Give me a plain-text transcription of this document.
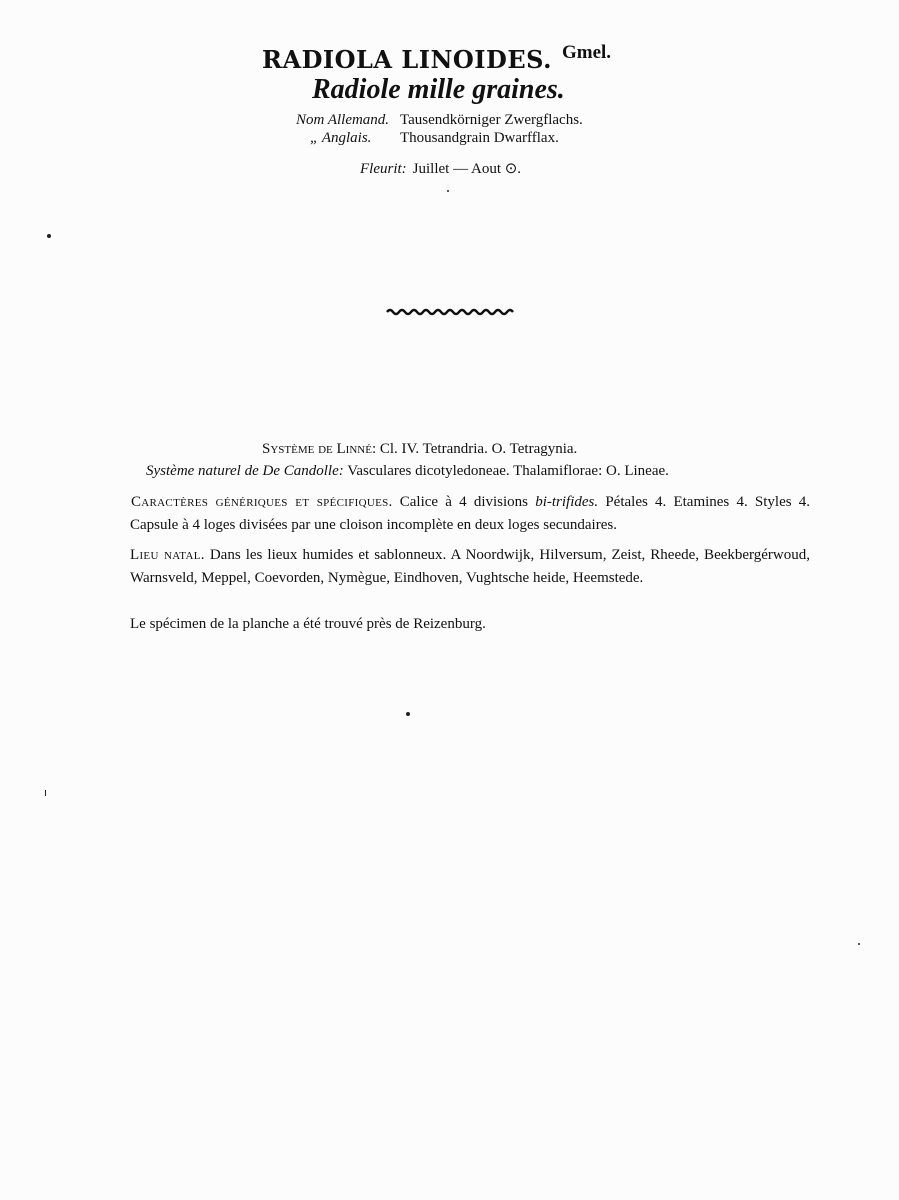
RADIOLA LINOIDES. Gmel.
Radiole mille graines.
Nom Allemand. Tausendkörniger Zwergflachs.
„ Anglais. Thousandgrain Dwarfflax.
Fleurit: Juillet — Aout ⊙.
Système de Linné: Cl. IV. Tetrandria. O. Tetragynia.
Système naturel de De Candolle: Vasculares dicotyledoneae. Thalamiflorae: O. Lineae.
Caractères génériques et spécifiques. Calice à 4 divisions bi-trifides. Pétales 4. Etamines 4. Styles 4. Capsule à 4 loges divisées par une cloison incomplète en deux loges secundaires.
Lieu natal. Dans les lieux humides et sablonneux. A Noordwijk, Hilversum, Zeist, Rheede, Beekbergérwoud, Warnsveld, Meppel, Coevorden, Nymègue, Eindhoven, Vughtsche heide, Heemstede.
Le spécimen de la planche a été trouvé près de Reizenburg.
